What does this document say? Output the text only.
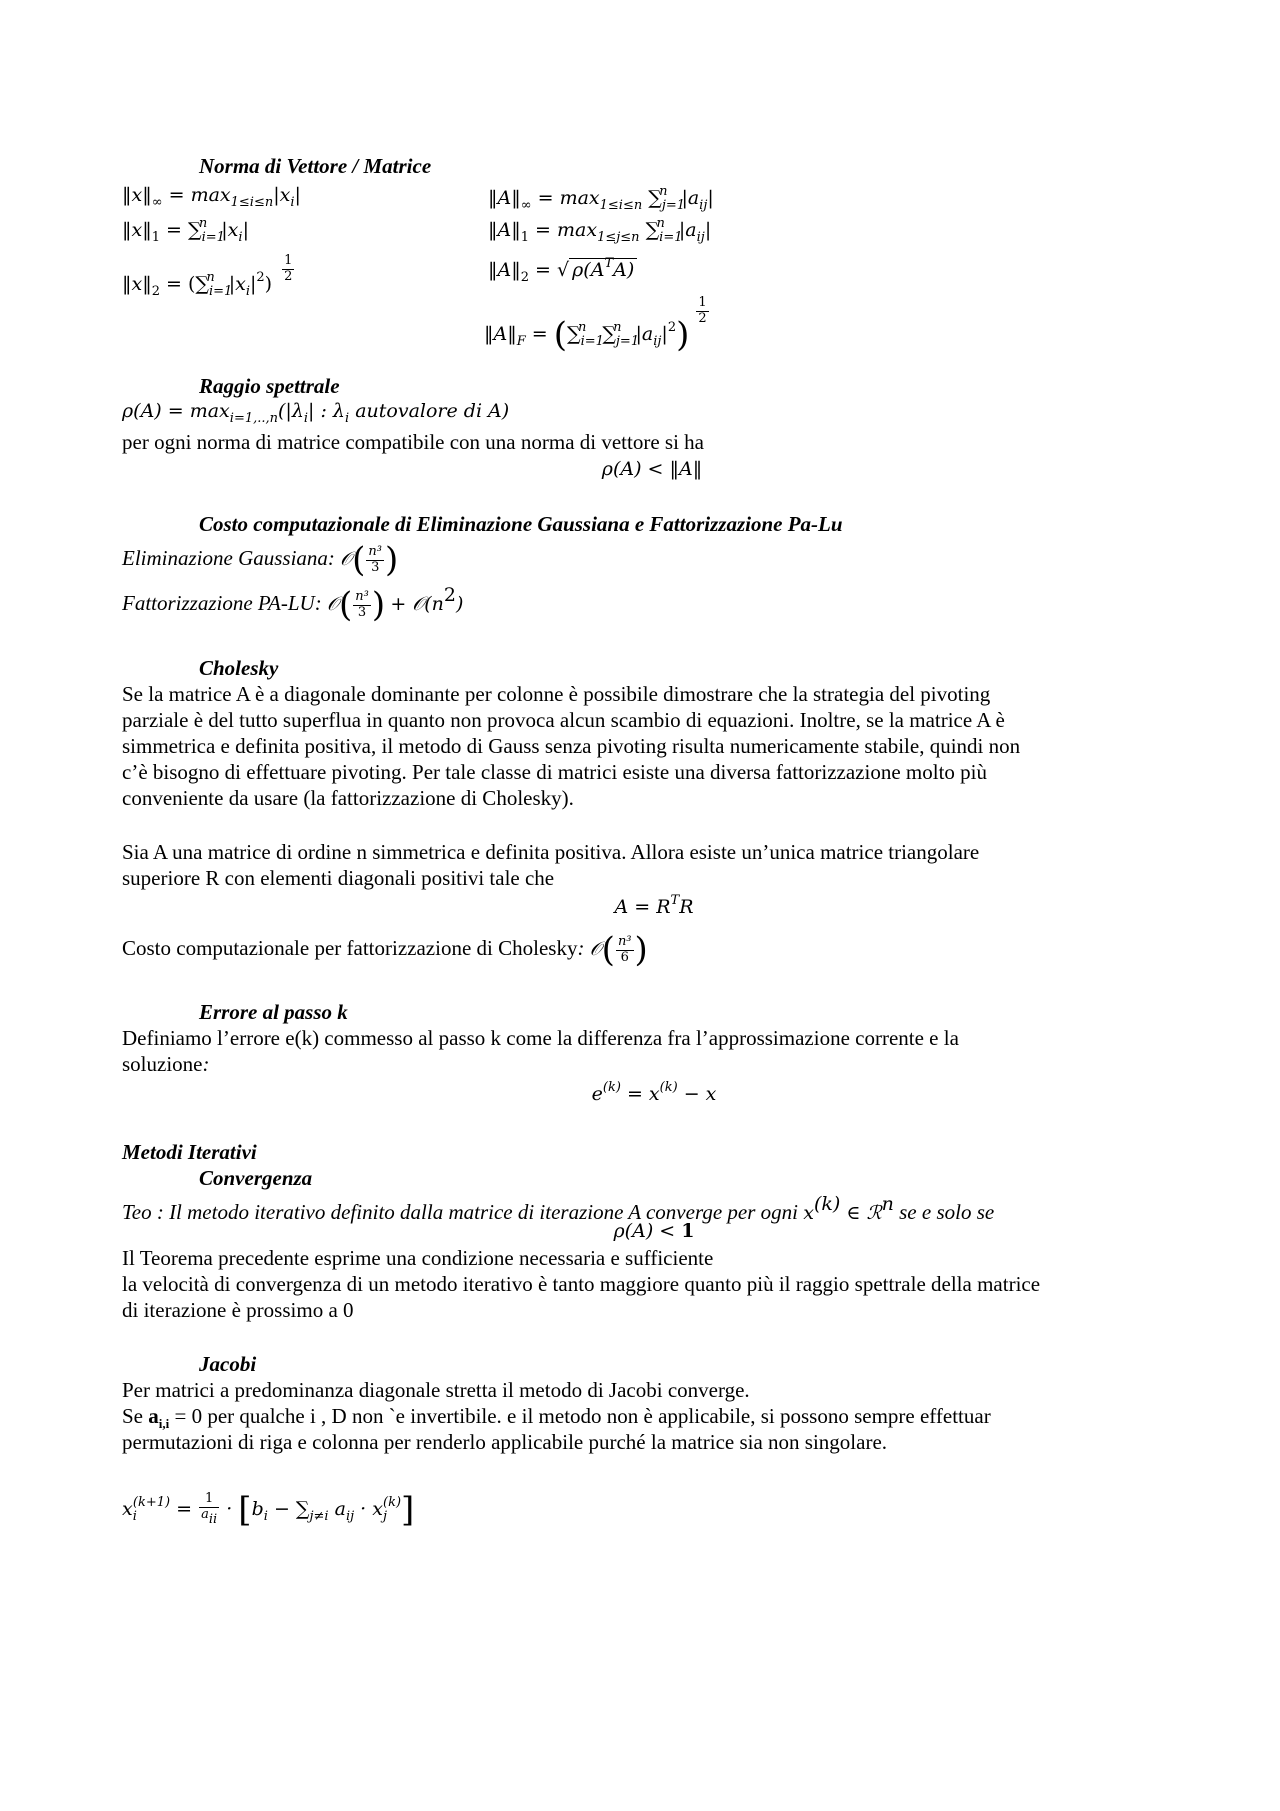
Norma di Vettore / Matrice
$‖x‖_\infty = \max_{1\le i\le n}|x_i|$
$‖x‖_1 = \sum_{i=1}^n$ $|x_i|$
$‖x‖_2 = (\sum_{i=1}^n$ $|x_i|^2) \frac{1}{2}$
$‖A‖_\infty = \max_{1\le i\le n} \sum_{j=1}^n$ $|a_{ij}|$
$‖A‖_1 = \max_{1\le j\le n} \sum_{i=1}^n$ $|a_{ij}|$
$‖A‖_2$ = √ $\rho(A^TA)$
$‖A‖_F = (\sum_{i=1}^n$ $\sum_{j=1}^n$ $|a_{ij}|^2$)
$\frac{1}{2}$
Raggio spettrale
$\rho(A) = \max_{i=1,..,n}(|\lambda_i|$ : $\lambda_i$ autovalore di A)
per ogni norma di matrice compatibile con una norma di vettore si ha
ρ(A) < ‖A‖
Costo computazionale di Eliminazione Gaussiana e Fattorizzazione Pa-Lu
Eliminazione Gaussiana: 𝒪( $\frac{\text{n³}}{3}$ )
Fattorizzazione PA-LU: 𝒪( $\frac{\text{n³}}{3}$ ) + $𝒪(n^2)$
Cholesky
Se la matrice A è a diagonale dominante per colonne è possibile dimostrare che la strategia del pivoting
parziale è del tutto superflua in quanto non provoca alcun scambio di equazioni. Inoltre, se la matrice A è
simmetrica e definita positiva, il metodo di Gauss senza pivoting risulta numericamente stabile, quindi non
c’è bisogno di effettuare pivoting. Per tale classe di matrici esiste una diversa fattorizzazione molto più
conveniente da usare (la fattorizzazione di Cholesky).
Sia A una matrice di ordine n simmetrica e definita positiva. Allora esiste un’unica matrice triangolare
superiore R con elementi diagonali positivi tale che
$A = R^TR$
Costo computazionale per fattorizzazione di Cholesky: 𝒪( $\frac{\text{n³}}{6}$ )
Errore al passo k
Definiamo l’errore e(k) commesso al passo k come la differenza fra l’approssimazione corrente e la
soluzione:
$e^{(k)} = x^{(k)} - x$
Metodi Iterativi
Convergenza
Teo : Il metodo iterativo definito dalla matrice di iterazione A converge per ogni $x^{(k)}$ ∈ ℛ$^n$ se e solo se
ρ(A) < 1
Il Teorema precedente esprime una condizione necessaria e sufficiente
la velocità di convergenza di un metodo iterativo è tanto maggiore quanto più il raggio spettrale della matrice
di iterazione è prossimo a 0
Jacobi
Per matrici a predominanza diagonale stretta il metodo di Jacobi converge.
Se $a_{i,i} = 0$ per qualche i , D non `e invertibile. e il metodo non è applicabile, si possono sempre effettuar
permutazioni di riga e colonna per renderlo applicabile purché la matrice sia non singolare.
$x_i^{(k+1)} = \frac{1}{a_{ii}} \cdot [b_i - \sum_{j\ne i}$ $a_{ij} \cdot x_j^{(k)}$]
